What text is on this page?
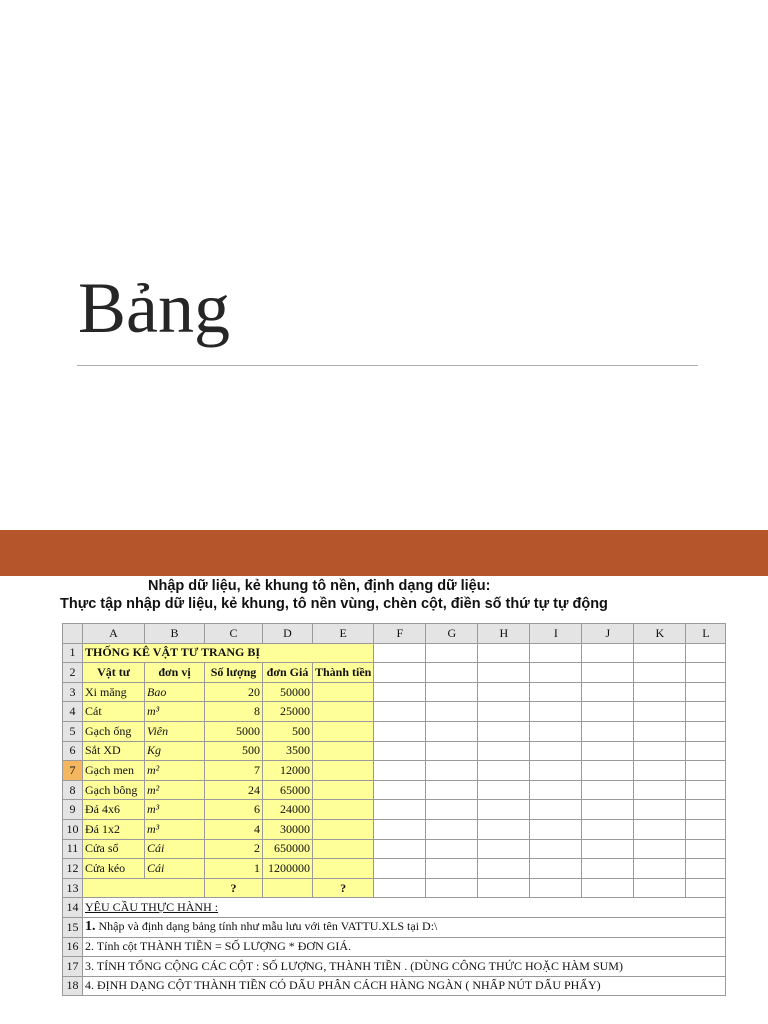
Bảng
Nhập dữ liệu, kẻ khung tô nền, định dạng dữ liệu:
Thực tập nhập dữ liệu, kẻ khung, tô nền vùng, chèn cột, điền số thứ tự tự động
	A	B	C	D	E	F	G	H	I	J	K	L
1	THỐNG KÊ VẬT TƯ TRANG BỊ											
2	Vật tư	đơn vị	Số lượng	đơn Giá	Thành tiền							
3	Xi măng	Bao	20	50000								
4	Cát	m³	8	25000								
5	Gạch ống	Viên	5000	500								
6	Sắt XD	Kg	500	3500								
7	Gạch men	m²	7	12000								
8	Gạch bông	m²	24	65000								
9	Đá 4x6	m³	6	24000								
10	Đá 1x2	m³	4	30000								
11	Cửa sổ	Cái	2	650000								
12	Cửa kéo	Cái	1	1200000								
13			?		?							
14	YÊU CẦU THỰC HÀNH :											
15	1. Nhập và định dạng bảng tính như mẫu lưu với tên VATTU.XLS tại D:\											
16	2. Tính cột THÀNH TIỀN = SỐ LƯỢNG * ĐƠN GIÁ.											
17	3. TÍNH TỔNG CỘNG CÁC CỘT : SỐ LƯỢNG, THÀNH TIỀN . (DÙNG CÔNG THỨC HOẶC HÀM SUM)											
18	4. ĐỊNH DẠNG CỘT THÀNH TIỀN CÓ DẤU PHÂN CÁCH HÀNG NGÀN ( NHẤP NÚT DẤU PHẨY)											
